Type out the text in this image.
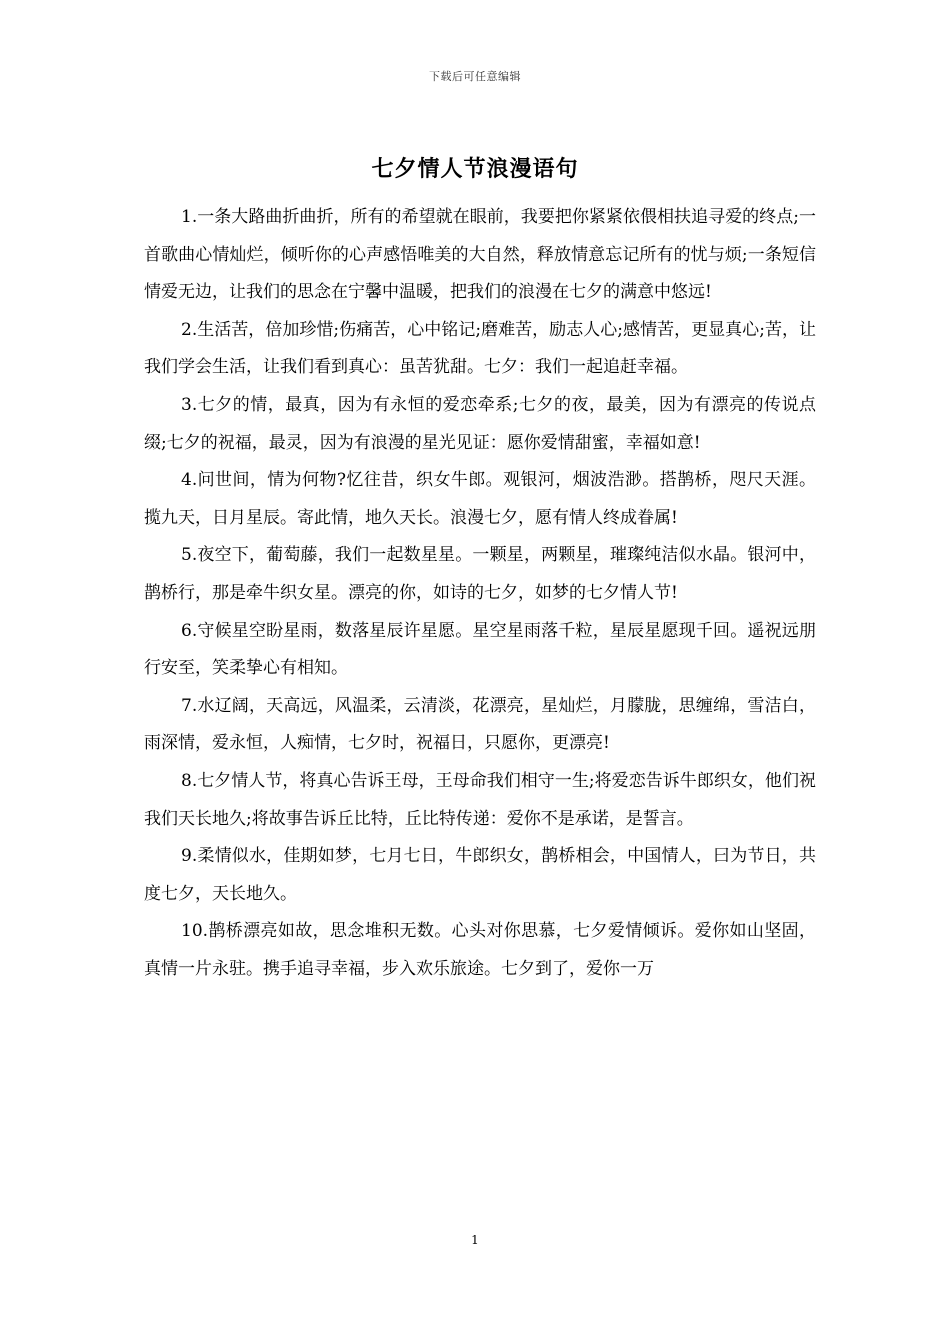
下载后可任意编辑
七夕情人节浪漫语句

1.一条大路曲折曲折，所有的希望就在眼前，我要把你紧紧依偎相扶追寻爱的终点;一首歌曲心情灿烂，倾听你的心声感悟唯美的大自然，释放情意忘记所有的忧与烦;一条短信情爱无边，让我们的思念在宁馨中温暖，把我们的浪漫在七夕的满意中悠远!

2.生活苦，倍加珍惜;伤痛苦，心中铭记;磨难苦，励志人心;感情苦，更显真心;苦，让我们学会生活，让我们看到真心：虽苦犹甜。七夕：我们一起追赶幸福。

3.七夕的情，最真，因为有永恒的爱恋牵系;七夕的夜，最美，因为有漂亮的传说点缀;七夕的祝福，最灵，因为有浪漫的星光见证：愿你爱情甜蜜，幸福如意!

4.问世间，情为何物?忆往昔，织女牛郎。观银河，烟波浩渺。搭鹊桥，咫尺天涯。揽九天，日月星辰。寄此情，地久天长。浪漫七夕，愿有情人终成眷属!

5.夜空下，葡萄藤，我们一起数星星。一颗星，两颗星，璀璨纯洁似水晶。银河中，鹊桥行，那是牵牛织女星。漂亮的你，如诗的七夕，如梦的七夕情人节!

6.守候星空盼星雨，数落星辰许星愿。星空星雨落千粒，星辰星愿现千回。遥祝远朋行安至，笑柔挚心有相知。

7.水辽阔，天高远，风温柔，云清淡，花漂亮，星灿烂，月朦胧，思缠绵，雪洁白，雨深情，爱永恒，人痴情，七夕时，祝福日，只愿你，更漂亮!

8.七夕情人节，将真心告诉王母，王母命我们相守一生;将爱恋告诉牛郎织女，他们祝我们天长地久;将故事告诉丘比特，丘比特传递：爱你不是承诺，是誓言。

9.柔情似水，佳期如梦，七月七日，牛郎织女，鹊桥相会，中国情人，曰为节日，共度七夕，天长地久。

10.鹊桥漂亮如故，思念堆积无数。心头对你思慕，七夕爱情倾诉。爱你如山坚固，真情一片永驻。携手追寻幸福，步入欢乐旅途。七夕到了，爱你一万

1
